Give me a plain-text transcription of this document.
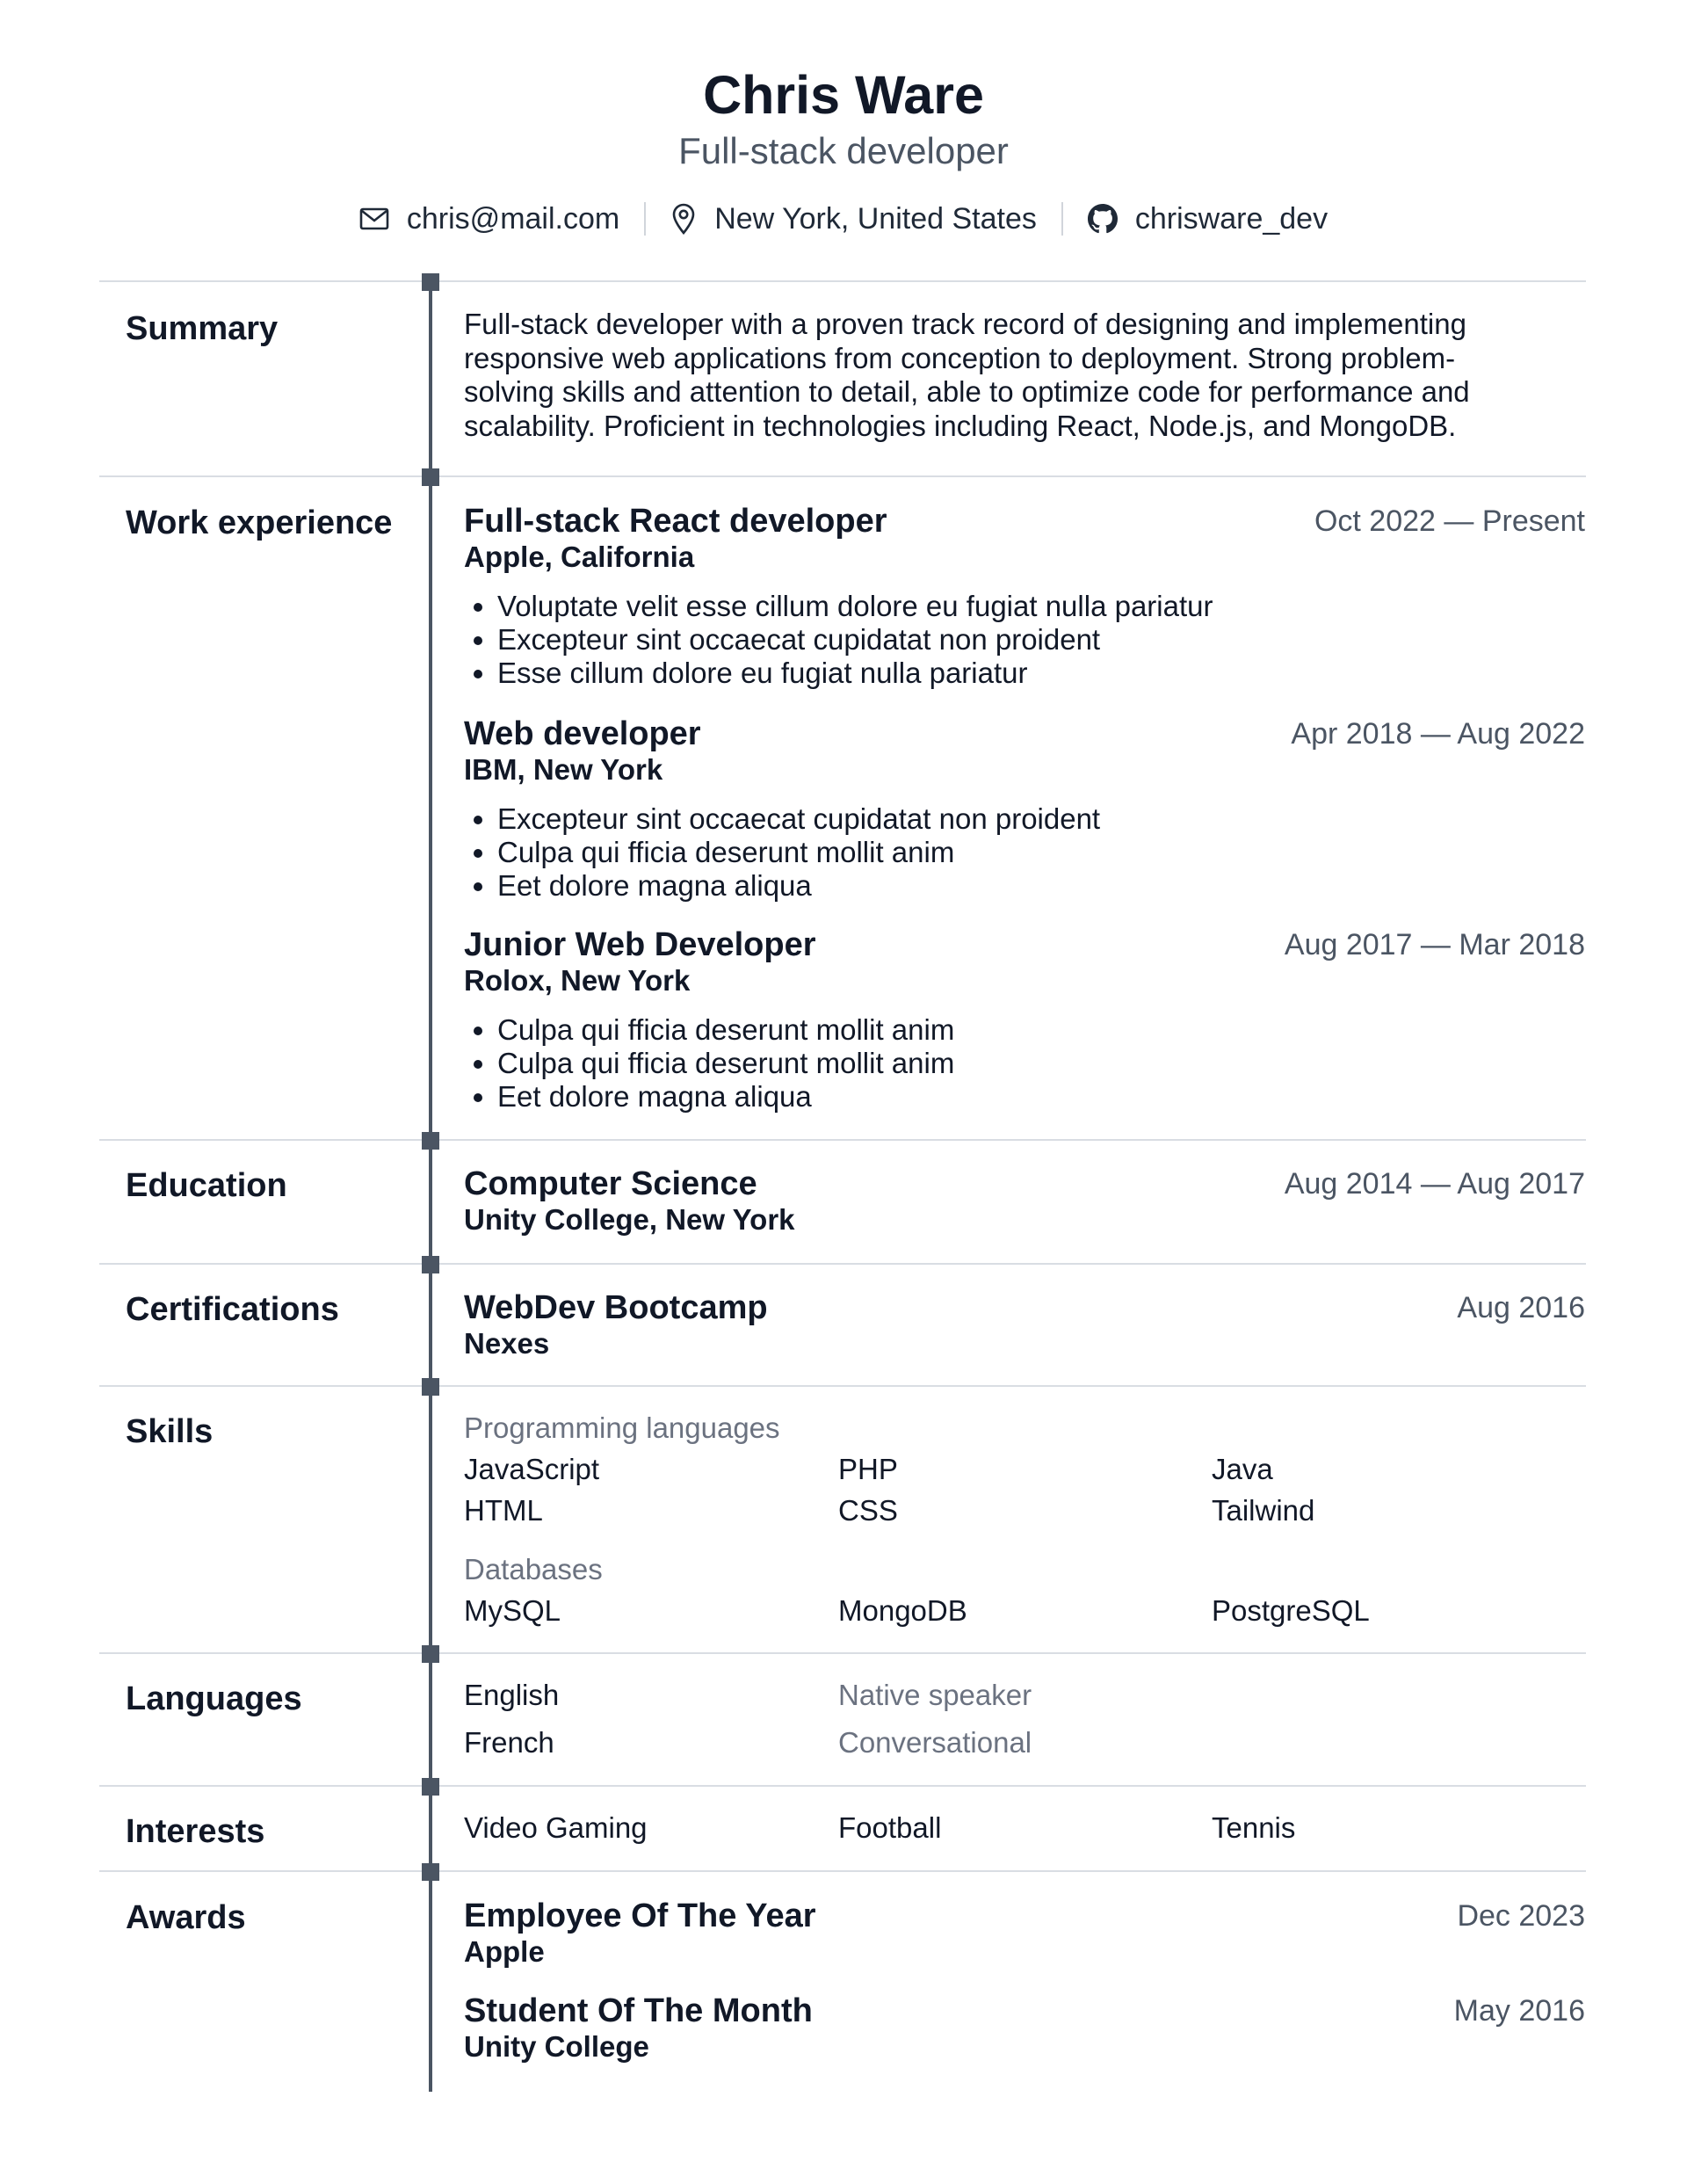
Chris Ware
Full-stack developer
chris@mail.com	New York, United States	chrisware_dev
Summary	Full-stack developer with a proven track record of designing and implementing
responsive web applications from conception to deployment. Strong problem-
solving skills and attention to detail, able to optimize code for performance and
scalability. Proficient in technologies including React, Node.js, and MongoDB.
Work experience Full-stack React developer
Apple, California
Oct 2022 — Present
• Voluptate velit esse cillum dolore eu fugiat nulla pariatur
• Excepteur sint occaecat cupidatat non proident
• Esse cillum dolore eu fugiat nulla pariatur
Web developer
IBM, New York
Apr 2018 — Aug 2022
• Excepteur sint occaecat cupidatat non proident
• Culpa qui fficia deserunt mollit anim
• Eet dolore magna aliqua
Junior Web Developer
Rolox, New York
Aug 2017 — Mar 2018
• Culpa qui fficia deserunt mollit anim
• Culpa qui fficia deserunt mollit anim
• Eet dolore magna aliqua
Education	Computer Science
Unity College, New York
Aug 2014 — Aug 2017
Certifications	WebDev Bootcamp
Nexes
Aug 2016
Skills	Programming languages
JavaScript	PHP	Java
HTML	CSS	Tailwind
Databases
MySQL	MongoDB	PostgreSQL
Languages	English	Native speaker
French	Conversational
Interests	Video Gaming	Football	Tennis
Awards	Employee Of The Year
Apple
Dec 2023
Student Of The Month
Unity College
May 2016
